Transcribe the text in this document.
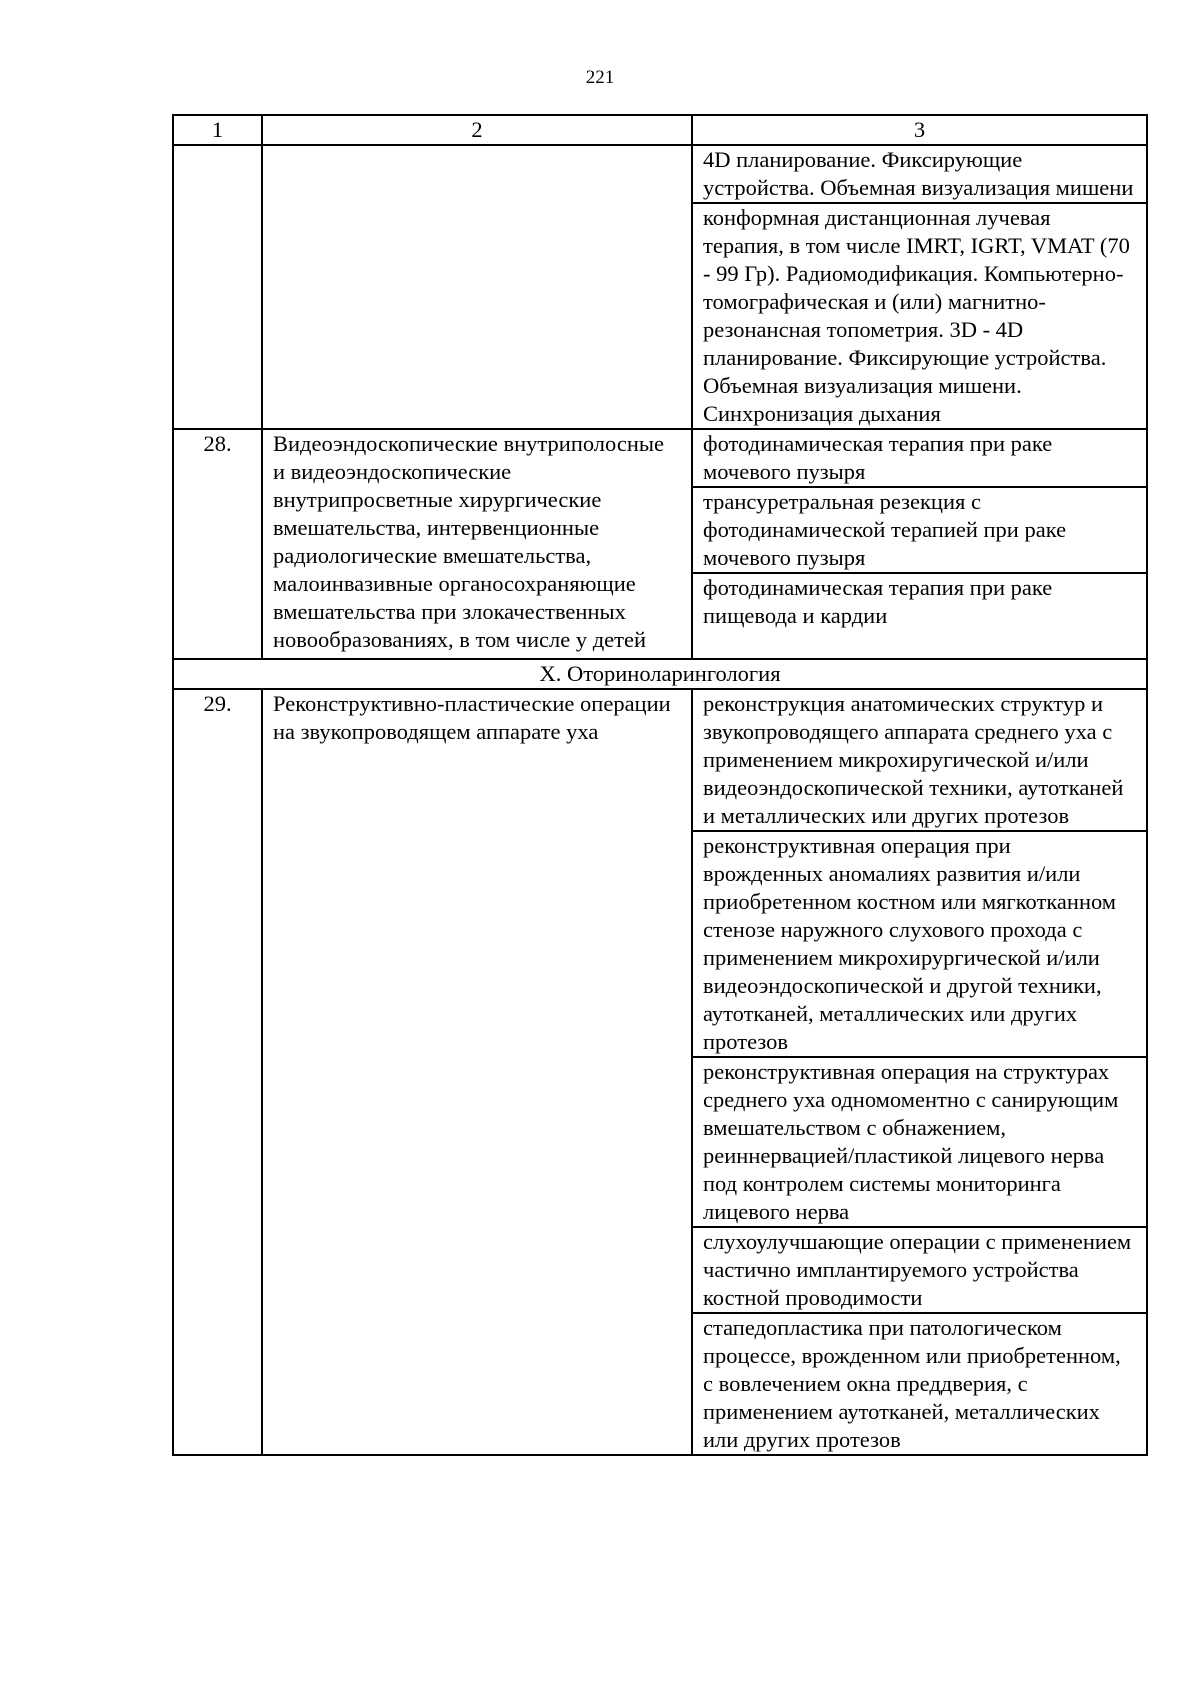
221
1	2	3
		4D планирование. Фиксирующие устройства. Объемная визуализация мишени
		конформная дистанционная лучевая терапия, в том числе IMRT, IGRT, VMAT (70 - 99 Гр). Радиомодификация. Компьютерно-томографическая и (или) магнитно-резонансная топометрия. 3D - 4D планирование. Фиксирующие устройства. Объемная визуализация мишени. Синхронизация дыхания
28.	Видеоэндоскопические внутриполосные и видеоэндоскопические внутрипросветные хирургические вмешательства, интервенционные радиологические вмешательства, малоинвазивные органосохраняющие вмешательства при злокачественных новообразованиях, в том числе у детей	фотодинамическая терапия при раке мочевого пузыря
		трансуретральная резекция с фотодинамической терапией при раке мочевого пузыря
		фотодинамическая терапия при раке пищевода и кардии
X. Оториноларингология		
29.	Реконструктивно-пластические операции на звукопроводящем аппарате уха	реконструкция анатомических структур и звукопроводящего аппарата среднего уха с применением микрохиругической и/или видеоэндоскопической техники, аутотканей и металлических или других протезов
		реконструктивная операция при врожденных аномалиях развития и/или приобретенном костном или мягкотканном стенозе наружного слухового прохода с применением микрохирургической и/или видеоэндоскопической и другой техники, аутотканей, металлических или других протезов
		реконструктивная операция на структурах среднего уха одномоментно с санирующим вмешательством с обнажением, реиннервацией/пластикой лицевого нерва под контролем системы мониторинга лицевого нерва
		слухоулучшающие операции с применением частично имплантируемого устройства костной проводимости
		стапедопластика при патологическом процессе, врожденном или приобретенном, с вовлечением окна преддверия, с применением аутотканей, металлических или других протезов
